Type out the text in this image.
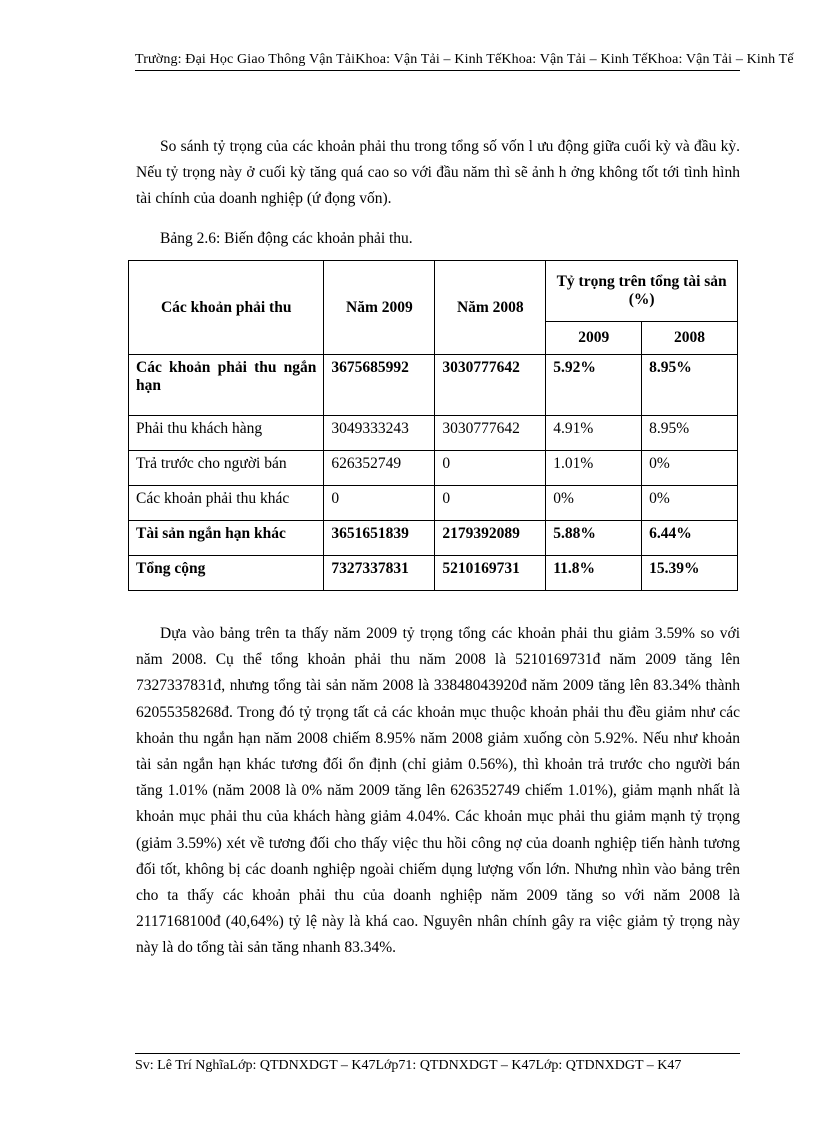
Trường: Đại Học Giao Thông Vận TảiKhoa: Vận Tải – Kinh TếKhoa: Vận Tải – Kinh TếKhoa: Vận Tải – Kinh Tế
So sánh tỷ trọng của các khoản phải thu trong tổng số vốn l ưu động giữa cuối kỳ và đầu kỳ. Nếu tỷ trọng này ở cuối kỳ tăng quá cao so với đầu năm thì sẽ ảnh h ởng không tốt tới tình hình tài chính của doanh nghiệp (ứ đọng vốn).
Bảng 2.6: Biến động các khoản phải thu.
Các khoản phải thu	Năm 2009	Năm 2008	Tỷ trọng trên tổng tài sản (%)	
			2009	2008

Các khoản phải thu ngắn hạn	3675685992	3030777642	5.92%	8.95%
Phải thu khách hàng	3049333243	3030777642	4.91%	8.95%
Trả trước cho người bán	626352749	0	1.01%	0%
Các khoản phải thu khác	0	0	0%	0%
Tài sản ngắn hạn khác	3651651839	2179392089	5.88%	6.44%
Tổng cộng	7327337831	5210169731	11.8%	15.39%
Dựa vào bảng trên ta thấy năm 2009 tỷ trọng tổng các khoản phải thu giảm 3.59% so với năm 2008. Cụ thể tổng khoản phải thu năm 2008 là 5210169731đ năm 2009 tăng lên 7327337831đ, nhưng tổng tài sản năm 2008 là 33848043920đ năm 2009 tăng lên 83.34% thành 62055358268đ. Trong đó tỷ trọng tất cả các khoản mục thuộc khoản phải thu đều giảm như các khoản thu ngắn hạn năm 2008 chiếm 8.95% năm 2008 giảm xuống còn 5.92%. Nếu như khoản tài sản ngắn hạn khác tương đối ổn định (chỉ giảm 0.56%), thì khoản trả trước cho người bán tăng 1.01% (năm 2008 là 0% năm 2009 tăng lên 626352749 chiếm 1.01%), giảm mạnh nhất là khoản mục phải thu của khách hàng giảm 4.04%. Các khoản mục phải thu giảm mạnh tỷ trọng (giảm 3.59%) xét về tương đối cho thấy việc thu hồi công nợ của doanh nghiệp tiến hành tương đối tốt, không bị các doanh nghiệp ngoài chiếm dụng lượng vốn lớn. Nhưng nhìn vào bảng trên cho ta thấy các khoản phải thu của doanh nghiệp năm 2009 tăng so với năm 2008 là 2117168100đ (40,64%) tỷ lệ này là khá cao. Nguyên nhân chính gây ra việc giảm tỷ trọng này này là do tổng tài sản tăng nhanh 83.34%.
Sv: Lê Trí NghĩaLớp: QTDNXDGT – K47Lớp71: QTDNXDGT – K47Lớp: QTDNXDGT – K47
